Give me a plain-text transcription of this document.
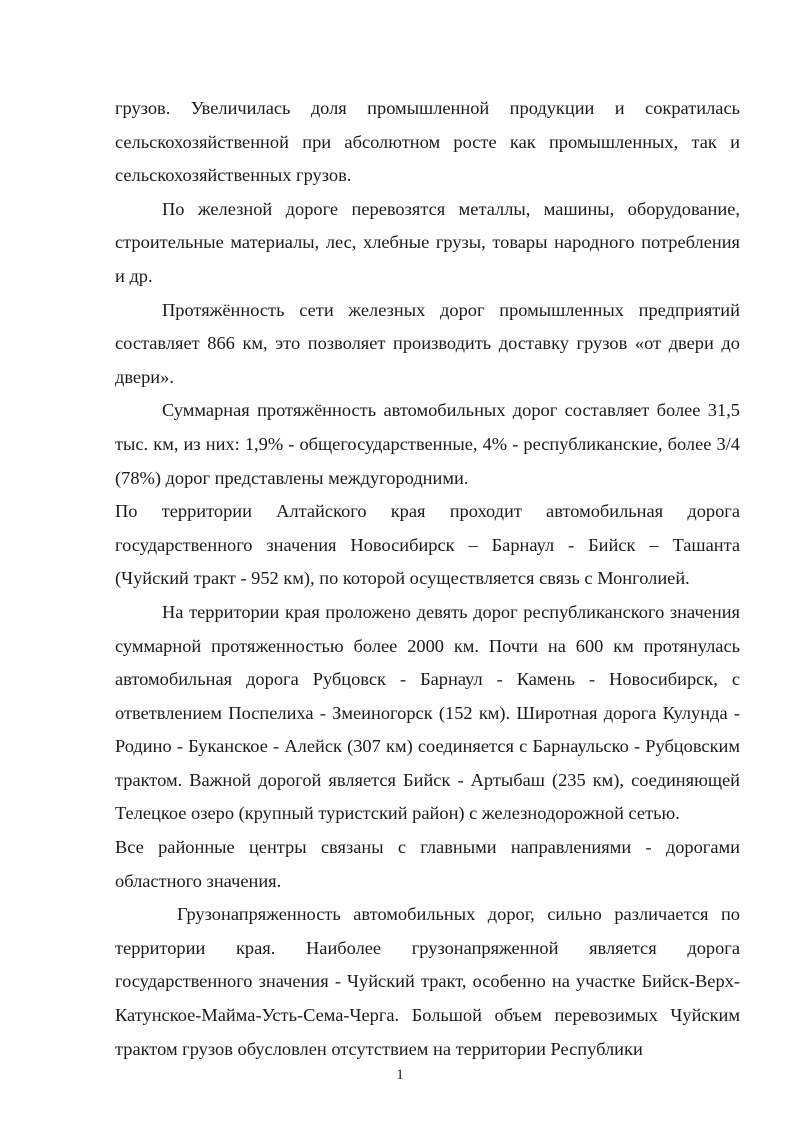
грузов. Увеличилась доля промышленной продукции и сократилась сельскохозяйственной при абсолютном росте как промышленных, так и сельскохозяйственных грузов.

По железной дороге перевозятся металлы, машины, оборудование, строительные материалы, лес, хлебные грузы, товары народного потребления и др.

Протяжённость сети железных дорог промышленных предприятий составляет 866 км, это позволяет производить доставку грузов «от двери до двери».

Суммарная протяжённость автомобильных дорог составляет более 31,5 тыс. км, из них: 1,9% - общегосударственные, 4% - республиканские, более 3/4 (78%) дорог представлены междугородними.

По территории Алтайского края проходит автомобильная дорога государственного значения Новосибирск – Барнаул - Бийск – Ташанта (Чуйский тракт - 952 км), по которой осуществляется связь с Монголией.

На территории края проложено девять дорог республиканского значения суммарной протяженностью более 2000 км. Почти на 600 км протянулась автомобильная дорога Рубцовск - Барнаул - Камень - Новосибирск, с ответвлением Поспелиха - Змеиногорск (152 км). Широтная дорога Кулунда - Родино - Буканское - Алейск (307 км) соединяется с Барнаульско - Рубцовским трактом. Важной дорогой является Бийск - Артыбаш (235 км), соединяющей Телецкое озеро (крупный туристский район) с железнодорожной сетью.

Все районные центры связаны с главными направлениями - дорогами областного значения.

Грузонапряженность автомобильных дорог, сильно различается по территории края. Наиболее грузонапряженной является дорога государственного значения - Чуйский тракт, особенно на участке Бийск-Верх-Катунское-Майма-Усть-Сема-Черга. Большой объем перевозимых Чуйским трактом грузов обусловлен отсутствием на территории Республики

1
